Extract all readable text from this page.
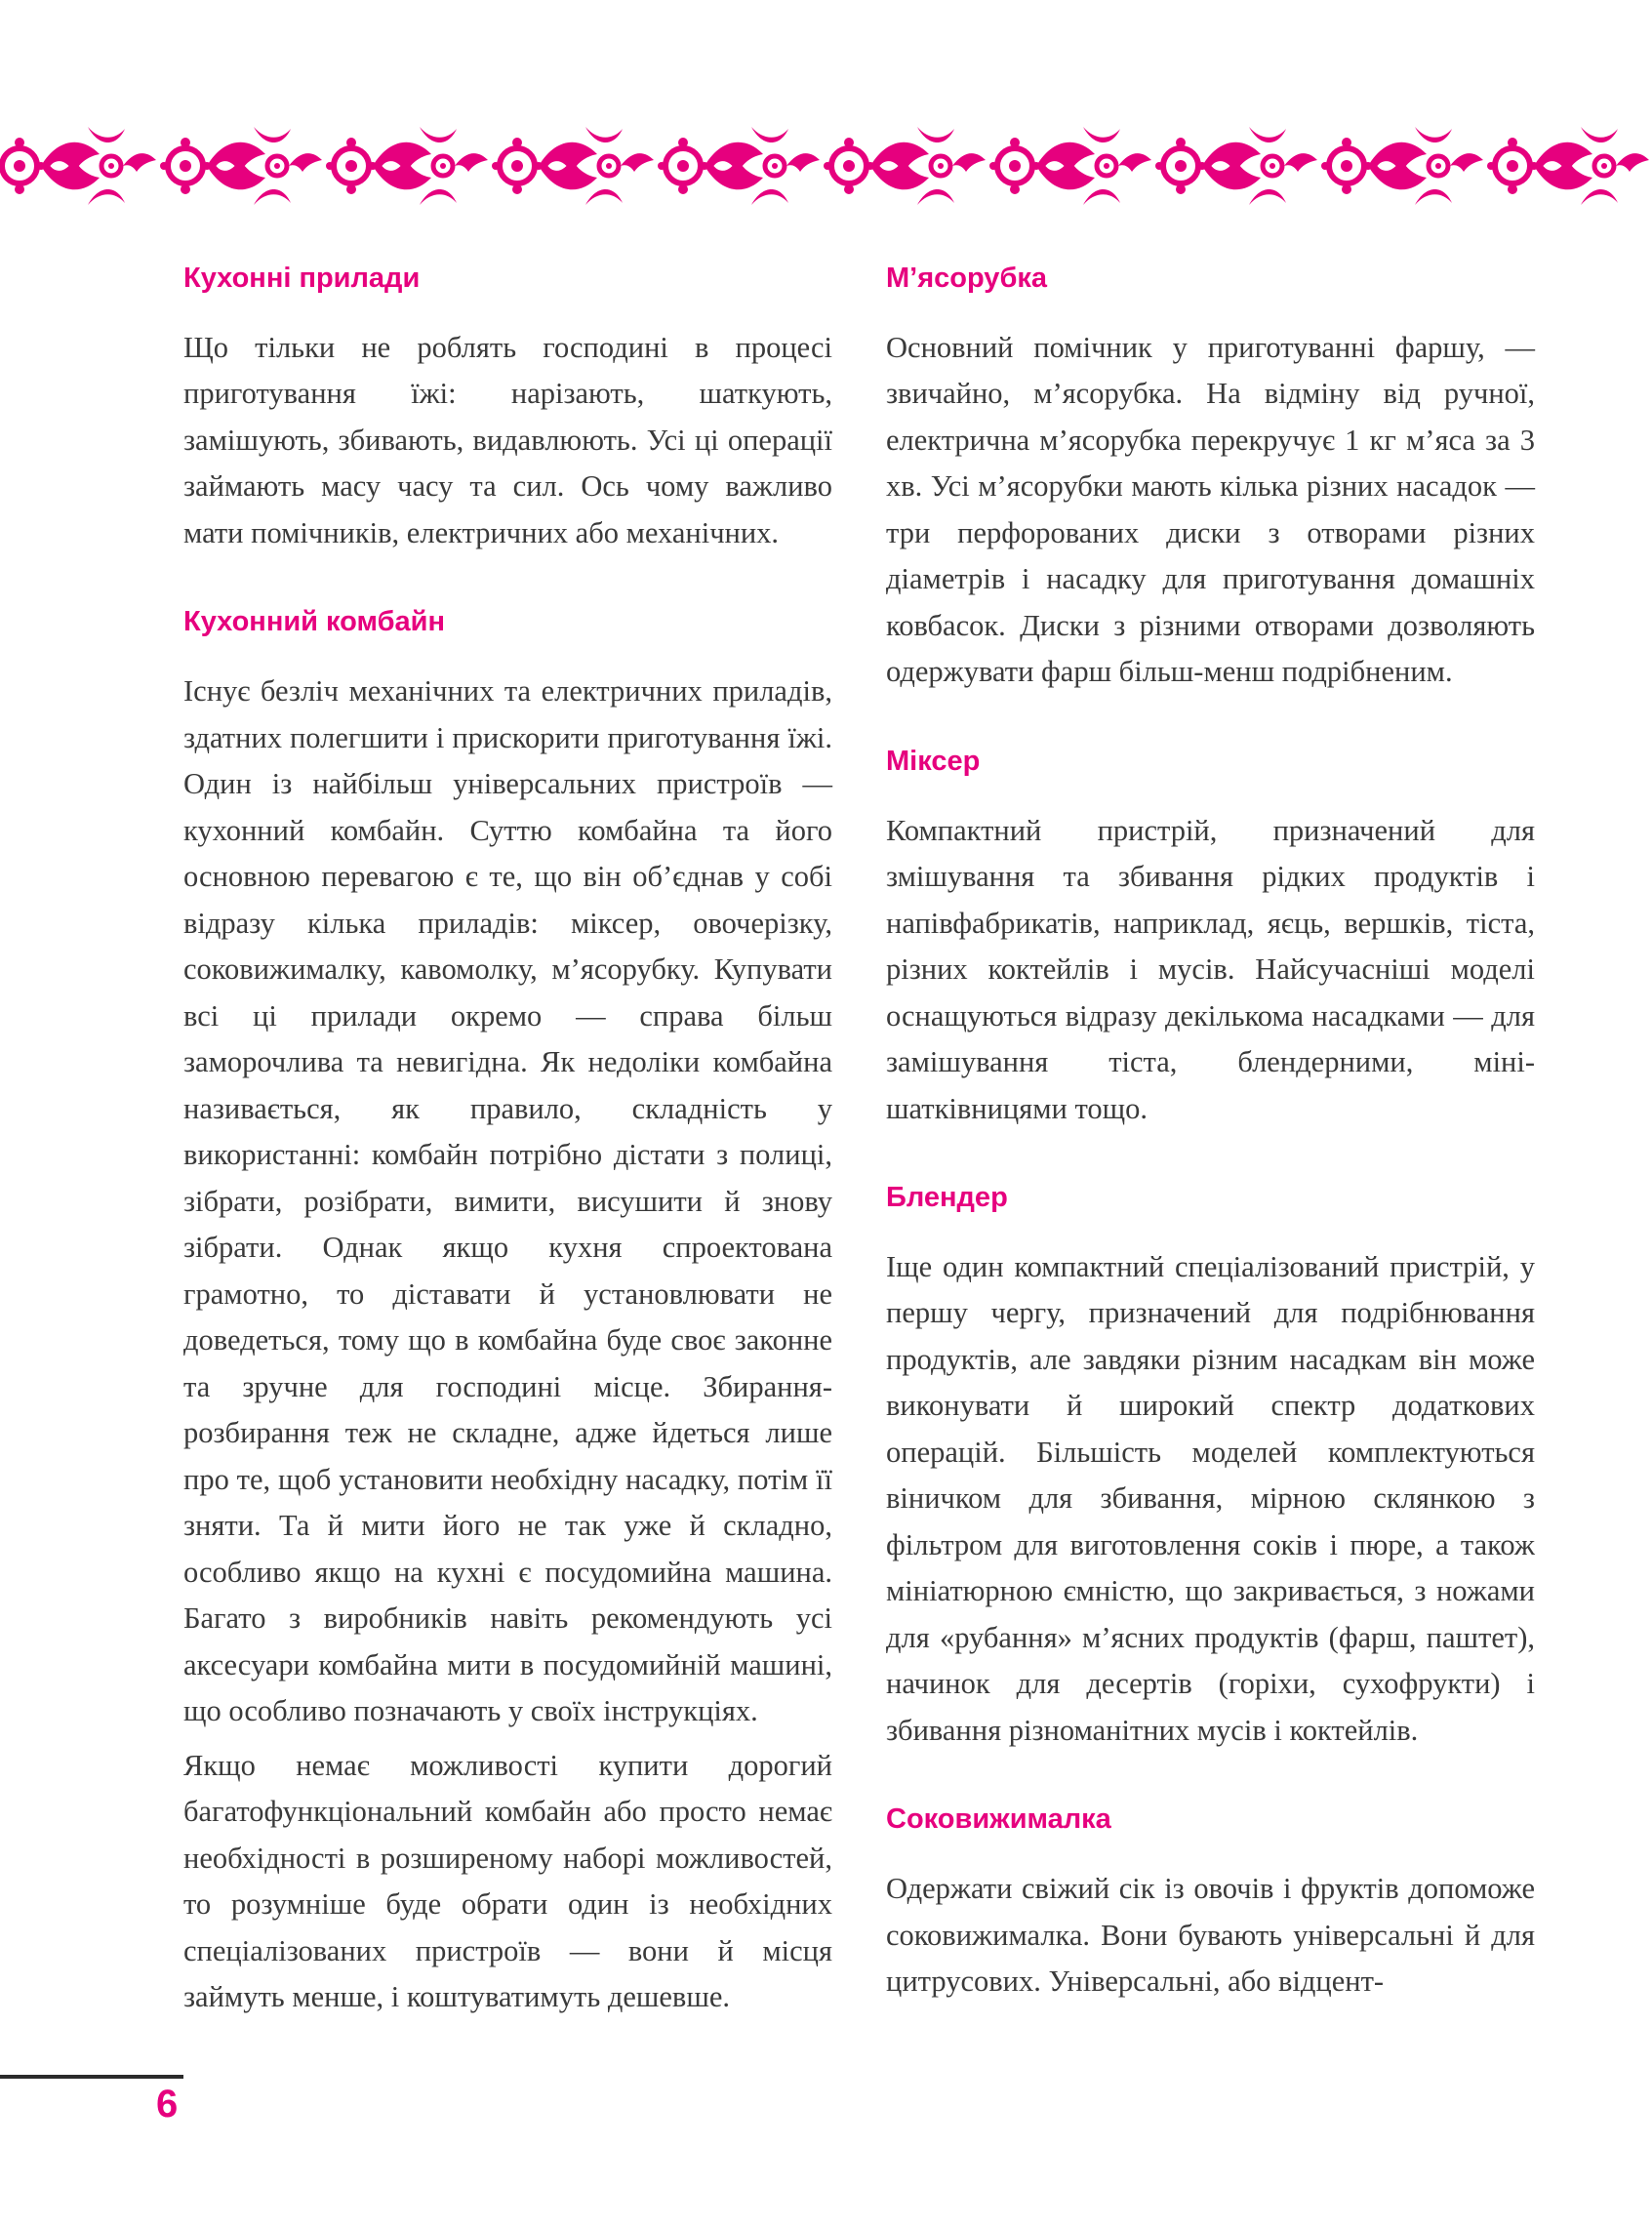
Кухонні прилади

Що тільки не роблять господині в процесі приготування їжі: нарізають, шаткують, замішують, збивають, видавлюють. Усі ці операції займають масу часу та сил. Ось чому важливо мати помічників, електричних або механічних.

Кухонний комбайн

Існує безліч механічних та електричних приладів, здатних полегшити і прискорити приготування їжі. Один із найбільш універсальних пристроїв — кухонний комбайн. Суттю комбайна та його основною перевагою є те, що він об’єднав у собі відразу кілька приладів: міксер, овочерізку, соковижималку, кавомолку, м’ясорубку. Купувати всі ці прилади окремо — справа більш заморочлива та невигідна. Як недоліки комбайна називається, як правило, складність у використанні: комбайн потрібно дістати з полиці, зібрати, розібрати, вимити, висушити й знову зібрати. Однак якщо кухня спроектована грамотно, то діставати й установлювати не доведеться, тому що в комбайна буде своє законне та зручне для господині місце. Збирання-розбирання теж не складне, адже йдеться лише про те, щоб установити необхідну насадку, потім її зняти. Та й мити його не так уже й складно, особливо якщо на кухні є посудомийна машина. Багато з виробників навіть рекомендують усі аксесуари комбайна мити в посудомийній машині, що особливо позначають у своїх інструкціях.

Якщо немає можливості купити дорогий багатофункціональний комбайн або просто немає необхідності в розширеному наборі можливостей, то розумніше буде обрати один із необхідних спеціалізованих пристроїв — вони й місця займуть менше, і коштуватимуть дешевше.

М’ясорубка

Основний помічник у приготуванні фаршу, — звичайно, м’ясорубка. На відміну від ручної, електрична м’ясорубка перекручує 1 кг м’яса за 3 хв. Усі м’ясорубки мають кілька різних насадок — три перфорованих диски з отворами різних діаметрів і насадку для приготування домашніх ковбасок. Диски з різними отворами дозволяють одержувати фарш більш-менш подрібненим.

Міксер

Компактний пристрій, призначений для змішування та збивання рідких продуктів і напівфабрикатів, наприклад, яєць, вершків, тіста, різних коктейлів і мусів. Найсучасніші моделі оснащуються відразу декількома насадками — для замішування тіста, блендерними, міні-шатківницями тощо.

Блендер

Іще один компактний спеціалізований пристрій, у першу чергу, призначений для подрібнювання продуктів, але завдяки різним насадкам він може виконувати й широкий спектр додаткових операцій. Більшість моделей комплектуються віничком для збивання, мірною склянкою з фільтром для виготовлення соків і пюре, а також мініатюрною ємністю, що закривається, з ножами для «рубання» м’ясних продуктів (фарш, паштет), начинок для десертів (горіхи, сухофрукти) і збивання різноманітних мусів і коктейлів.

Соковижималка

Одержати свіжий сік із овочів і фруктів допоможе соковижималка. Вони бувають універсальні й для цитрусових. Універсальні, або відцент-

6
